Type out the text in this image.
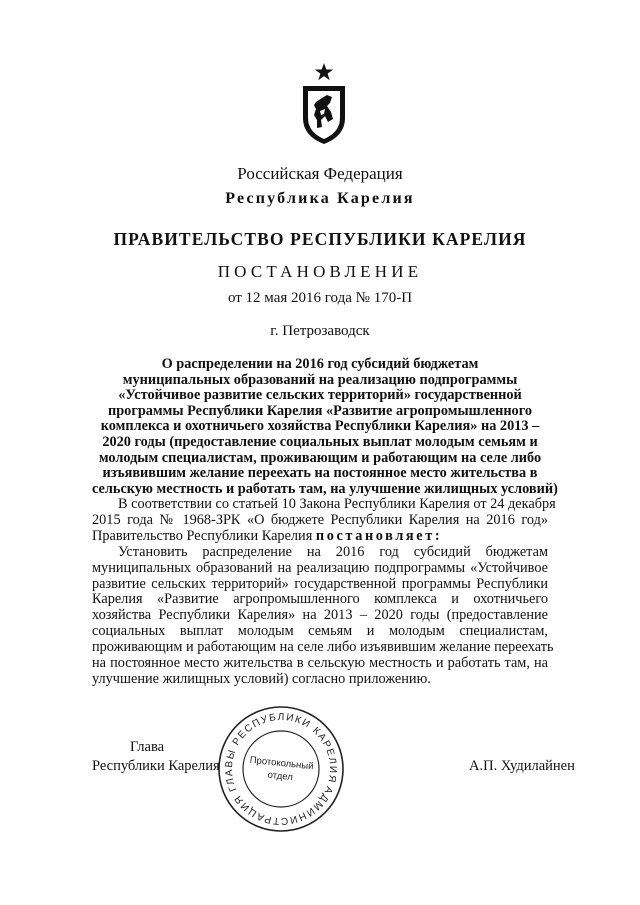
Российская Федерация
Республика Карелия
ПРАВИТЕЛЬСТВО РЕСПУБЛИКИ КАРЕЛИЯ
ПОСТАНОВЛЕНИЕ
от 12 мая 2016 года № 170-П
г. Петрозаводск
О распределении на 2016 год субсидий бюджетам
муниципальных образований на реализацию подпрограммы
«Устойчивое развитие сельских территорий» государственной
программы Республики Карелия «Развитие агропромышленного
комплекса и охотничьего хозяйства Республики Карелия» на 2013 –
2020 годы (предоставление социальных выплат молодым семьям и
молодым специалистам, проживающим и работающим на селе либо
изъявившим желание переехать на постоянное место жительства в
сельскую местность и работать там, на улучшение жилищных условий)
В соответствии со статьей 10 Закона Республики Карелия от 24 декабря
2015 года № 1968-ЗРК «О бюджете Республики Карелия на 2016 год»
Правительство Республики Карелия постановляет:
Установить распределение на 2016 год субсидий бюджетам
муниципальных образований на реализацию подпрограммы «Устойчивое
развитие сельских территорий» государственной программы Республики
Карелия «Развитие агропромышленного комплекса и охотничьего
хозяйства Республики Карелия» на 2013 – 2020 годы (предоставление
социальных выплат молодым семьям и молодым специалистам,
проживающим и работающим на селе либо изъявившим желание переехать
на постоянное место жительства в сельскую местность и работать там, на
улучшение жилищных условий) согласно приложению.
Глава
Республики Карелия	А.П. Худилайнен
АДМИНИСТРАЦИЯ ГЛАВЫ РЕСПУБЛИКИ КАРЕЛИЯ
Протокольный
отдел
